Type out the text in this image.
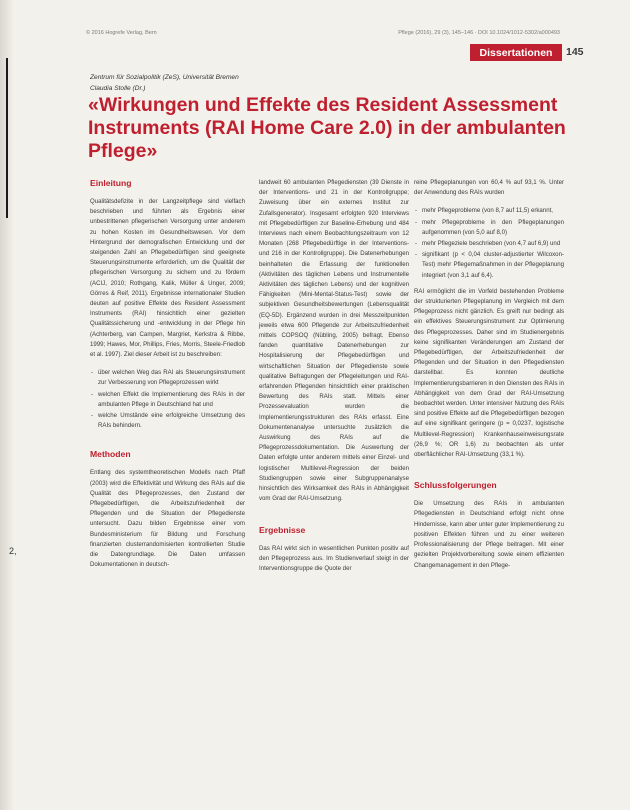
2,
© 2016 Hogrefe Verlag, Bern	Pflege (2016), 29 (3), 145–146 · DOI 10.1024/1012-5302/a000493
Dissertationen	145
Zentrum für Sozialpolitik (ZeS), Universität Bremen
Claudia Stolle (Dr.)
«Wirkungen und Effekte des Resident Assessment Instruments (RAI Home Care 2.0) in der ambulanten Pflege»
Einleitung

Qualitätsdefizite in der Langzeitpflege sind vielfach beschrieben und führten als Ergebnis einer unbestrittenen pflegerischen Versorgung unter anderem zu hohen Kosten im Gesundheitswesen. Vor dem Hintergrund der demografischen Entwicklung und der steigenden Zahl an Pflegebedürftigen sind geeignete Steuerungsinstrumente erforderlich, um die Qualität der pflegerischen Versorgung zu sichern und zu fördern (ACIJ, 2010; Rothgang, Kalik, Müller & Unger, 2009; Görres & Reif, 2011). Ergebnisse internationaler Studien deuten auf positive Effekte des Resident Assessment Instruments (RAI) hinsichtlich einer gezielten Qualitätssicherung und -entwicklung in der Pflege hin (Achterberg, van Campen, Margriet, Kerkstra & Ribbe, 1999; Hawes, Mor, Phillips, Fries, Morris, Steele-Friedlob et al. 1997). Ziel dieser Arbeit ist zu beschreiben:

- über welchen Weg das RAI als Steuerungsinstrument zur Verbesserung von Pflegeprozessen wirkt
- welchen Effekt die Implementierung des RAIs in der ambulanten Pflege in Deutschland hat und
- welche Umstände eine erfolgreiche Umsetzung des RAIs behindern.
Methoden

Entlang des systemtheoretischen Modells nach Pfaff (2003) wird die Effektivität und Wirkung des RAIs auf die Qualität des Pflegeprozesses, den Zustand der Pflegebedürftigen, die Arbeitszufriedenheit der Pflegenden und die Situation der Pflegedienste untersucht. Dazu bilden Ergebnisse einer vom Bundesministerium für Bildung und Forschung finanzierten clusterrandomisierten kontrollierten Studie die Datengrundlage. Die Daten umfassen Dokumentationen in deutsch-

landweit 60 ambulanten Pflegediensten (39 Dienste in der Interventions- und 21 in der Kontrollgruppe; Zuweisung über ein externes Institut zur Zufallsgenerator). Insgesamt erfolgten 920 Interviews mit Pflegebedürftigen zur Baseline-Erhebung und 484 Interviews nach einem Beobachtungszeitraum von 12 Monaten (268 Pflegebedürftige in der Interventions- und 216 in der Kontrollgruppe). Die Datenerhebungen beinhalteten die Erfassung der funktionellen (Aktivitäten des täglichen Lebens und Instrumentelle Aktivitäten des täglichen Lebens) und der kognitiven Fähigkeiten (Mini-Mental-Status-Test) sowie der subjektiven Gesundheitsbewertungen (Lebensqualität (EQ-5D). Ergänzend wurden in drei Messzeitpunkten jeweils etwa 600 Pflegende zur Arbeitszufriedenheit mittels COPSOQ (Nübling, 2005) befragt. Ebenso fanden quantitative Datenerhebungen zur Hospitalisierung der Pflegebedürftigen und wirtschaftlichen Situation der Pflegedienste sowie qualitative Befragungen der Pflegeleitungen und RAI-erfahrenden Pflegenden hinsichtlich einer praktischen Bewertung des RAIs statt. Mittels einer Prozessevaluation wurden die Implementierungsstrukturen des RAIs erfasst. Eine Dokumentenanalyse untersuchte zusätzlich die Auswirkung des RAIs auf die Pflegeprozessdokumentation. Die Auswertung der Daten erfolgte unter anderem mittels einer Einzel- und logistischer Multilevel-Regression der beiden Studiengruppen sowie einer Subgruppenanalyse hinsichtlich des Wirksamkeit des RAIs in Abhängigkeit vom Grad der RAI-Umsetzung.

Ergebnisse

Das RAI wirkt sich in wesentlichen Punkten positiv auf den Pflegeprozess aus. Im Studienverlauf steigt in der Interventionsgruppe die Quote der

reine Pflegeplanungen von 60,4 % auf 93,1 %. Unter der Anwendung des RAIs wurden

- mehr Pflegeprobleme (von 8,7 auf 11,5) erkannt,
- mehr Pflegeprobleme in den Pflegeplanungen aufgenommen (von 5,0 auf 8,0)
- mehr Pflegeziele beschrieben (von 4,7 auf 6,9) und
- signifikant (p < 0,04 cluster-adjustierter Wilcoxon-Test) mehr Pflegemaßnahmen in der Pflegeplanung integriert (von 3,1 auf 6,4).

RAI ermöglicht die im Vorfeld bestehenden Probleme der strukturierten Pflegeplanung im Vergleich mit dem Pflegeprozess nicht gänzlich. Es greift nur bedingt als ein effektives Steuerungsinstrument zur Optimierung des Pflegeprozesses. Daher sind im Studienergebnis keine signifikanten Veränderungen am Zustand der Pflegebedürftigen, der Arbeitszufriedenheit der Pflegenden und der Situation in den Pflegediensten darstellbar. Es konnten deutliche Implementierungsbarrieren in den Diensten des RAIs in Abhängigkeit von dem Grad der RAI-Umsetzung beobachtet werden. Unter intensiver Nutzung des RAIs sind positive Effekte auf die Pflegebedürftigen bezogen auf eine signifikant geringere (p = 0,0237, logistische Multilevel-Regression) Krankenhauseinweisungsrate (26,9 %; OR 1,6) zu beobachten als unter oberflächlicher RAI-Umsetzung (33,1 %).

Schlussfolgerungen

Die Umsetzung des RAIs in ambulanten Pflegediensten in Deutschland erfolgt nicht ohne Hindernisse, kann aber unter guter Implementierung zu positiven Effekten führen und zu einer weiteren Professionalisierung der Pflege beitragen. Mit einer gezielten Projektvorbereitung sowie einem effizienten Changemanagement in den Pflege-
